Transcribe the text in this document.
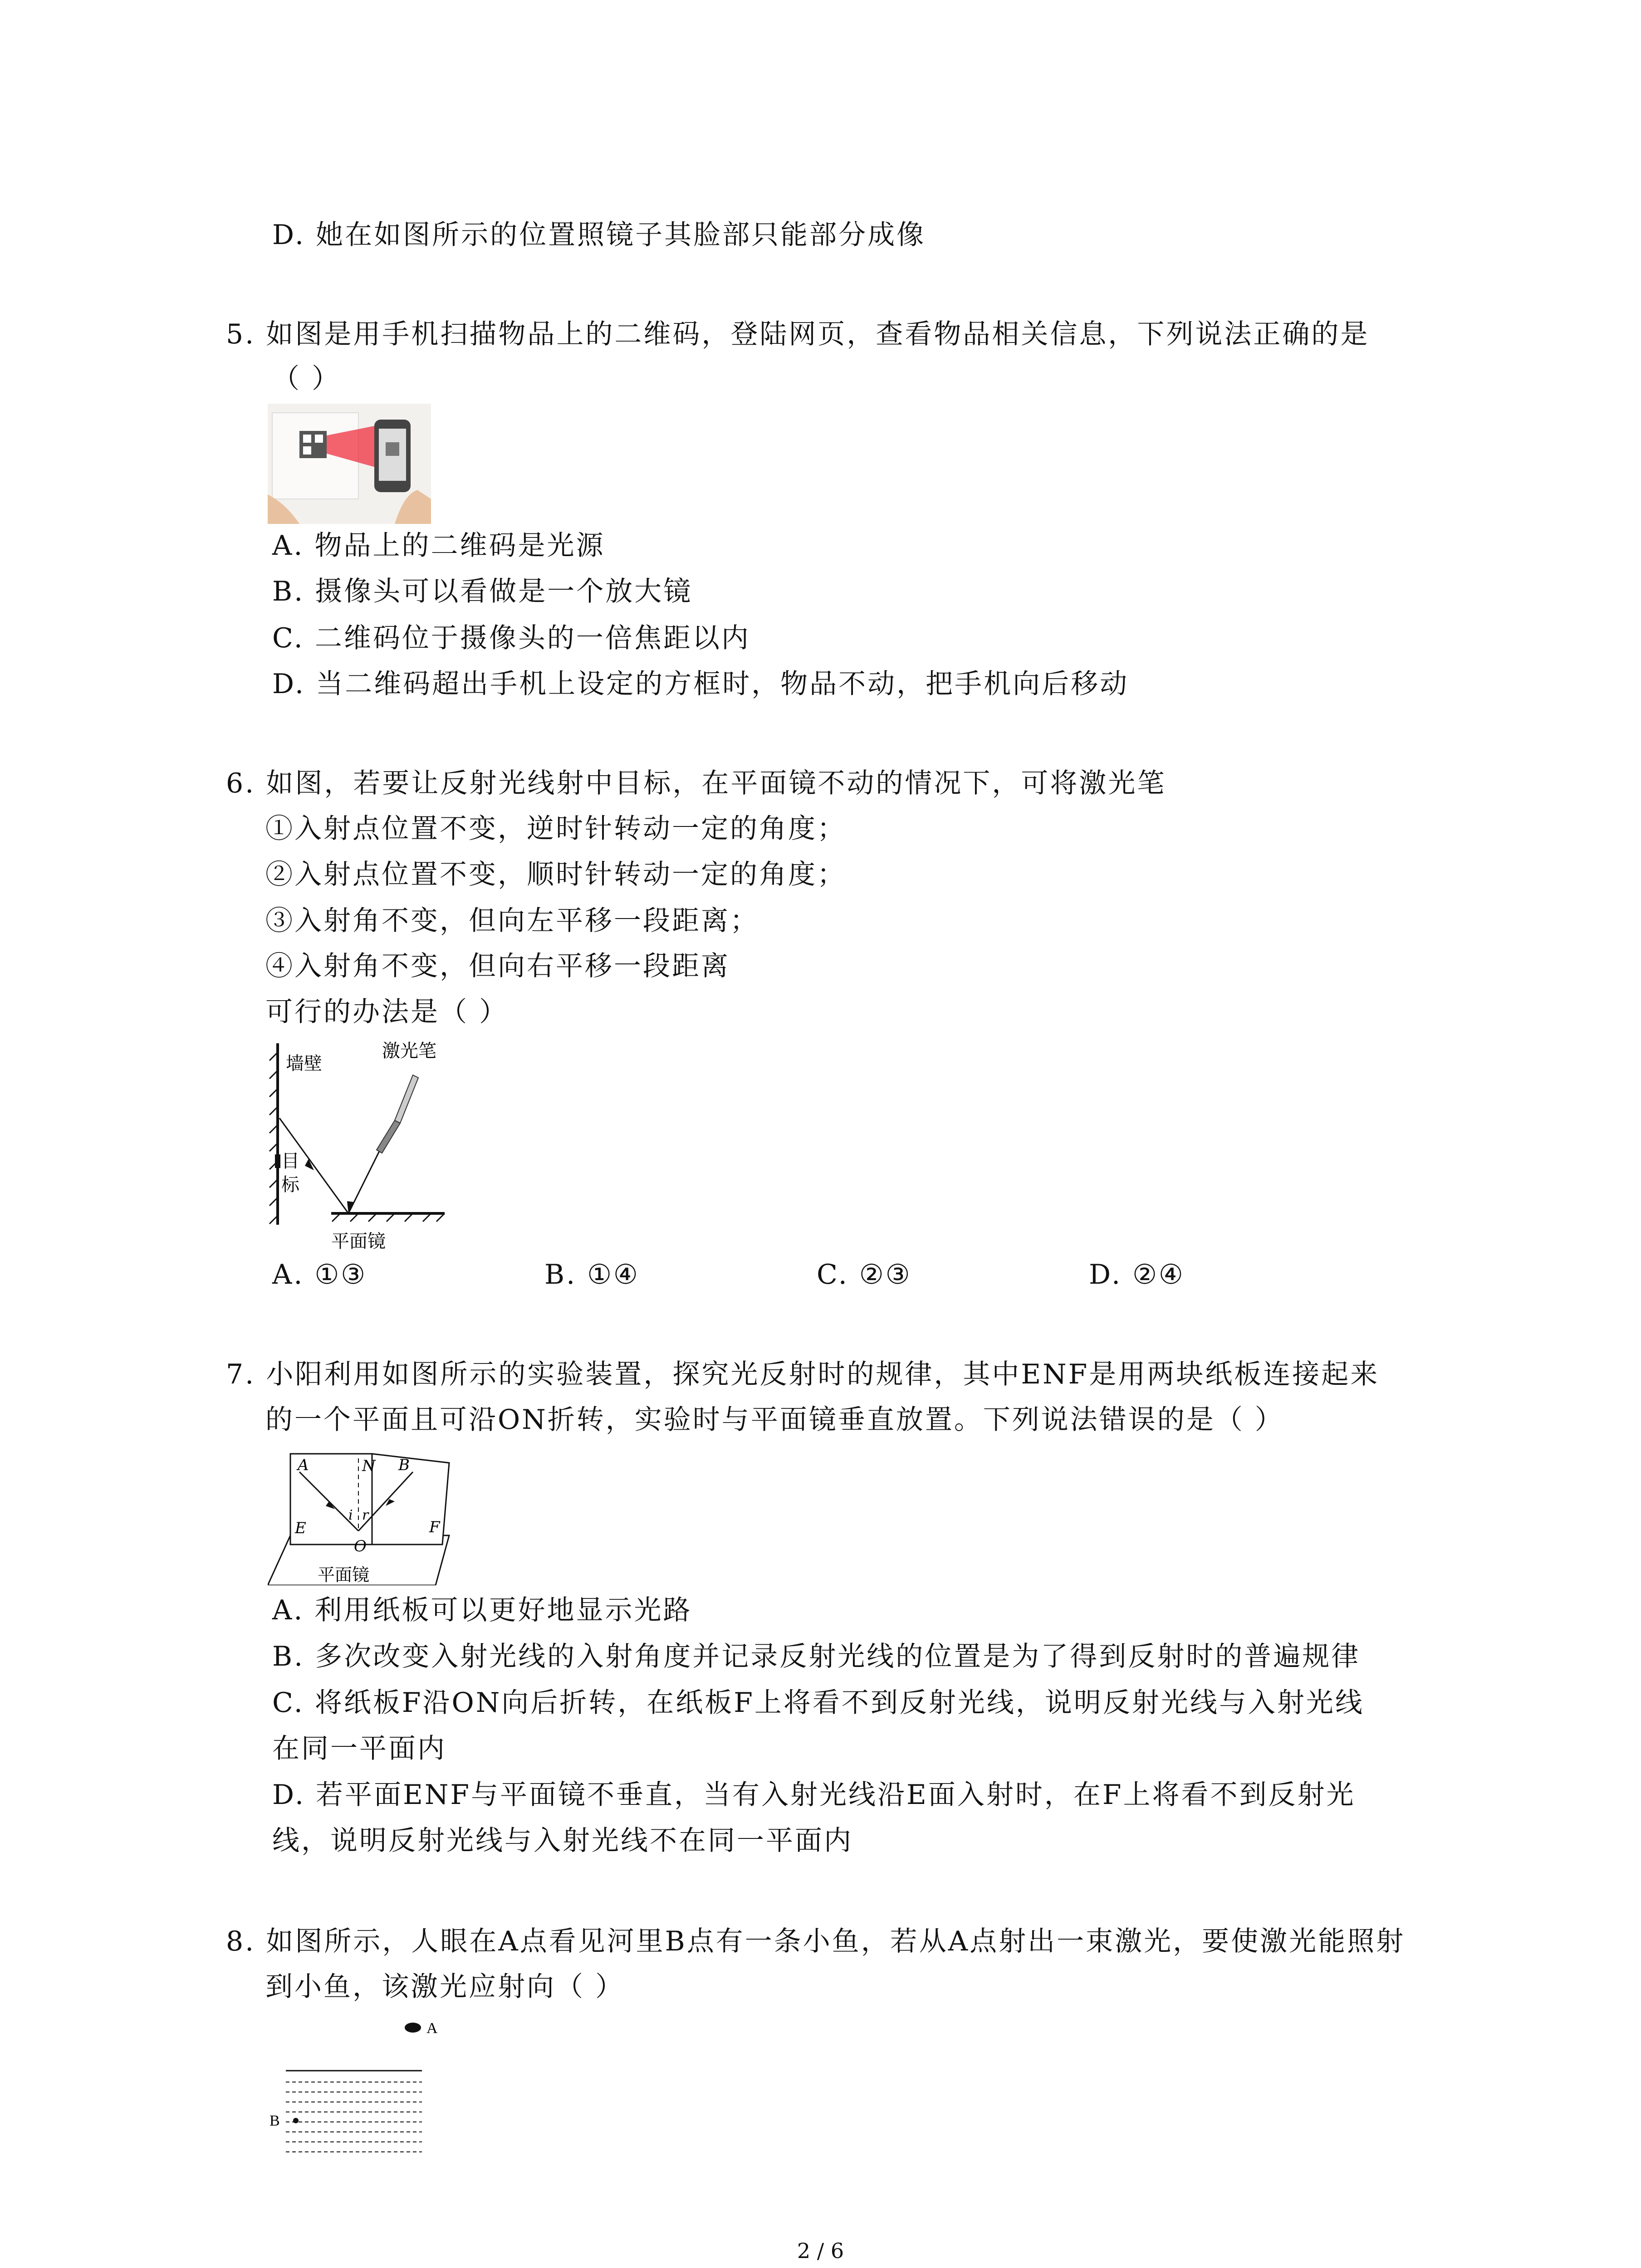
D. 她在如图所示的位置照镜子其脸部只能部分成像
5. 如图是用手机扫描物品上的二维码，登陆网页，查看物品相关信息，下列说法正确的是
（ ）
A. 物品上的二维码是光源
B. 摄像头可以看做是一个放大镜
C. 二维码位于摄像头的一倍焦距以内
D. 当二维码超出手机上设定的方框时，物品不动，把手机向后移动
6. 如图，若要让反射光线射中目标，在平面镜不动的情况下，可将激光笔
①入射点位置不变，逆时针转动一定的角度；
②入射点位置不变，顺时针转动一定的角度；
③入射角不变，但向左平移一段距离；
④入射角不变，但向右平移一段距离
可行的办法是（ ）
墙壁
激光笔
目
标
平面镜
A. ①③	B. ①④	C. ②③	D. ②④
7. 小阳利用如图所示的实验装置，探究光反射时的规律，其中ENF是用两块纸板连接起来
的一个平面且可沿ON折转，实验时与平面镜垂直放置。下列说法错误的是（ ）
A	N B
E	F
i r
O
平面镜
A. 利用纸板可以更好地显示光路
B. 多次改变入射光线的入射角度并记录反射光线的位置是为了得到反射时的普遍规律
C. 将纸板F沿ON向后折转，在纸板F上将看不到反射光线，说明反射光线与入射光线
在同一平面内
D. 若平面ENF与平面镜不垂直，当有入射光线沿E面入射时，在F上将看不到反射光
线，说明反射光线与入射光线不在同一平面内
8. 如图所示，人眼在A点看见河里B点有一条小鱼，若从A点射出一束激光，要使激光能照射
到小鱼，该激光应射向（ ）
A
B
2 / 6
